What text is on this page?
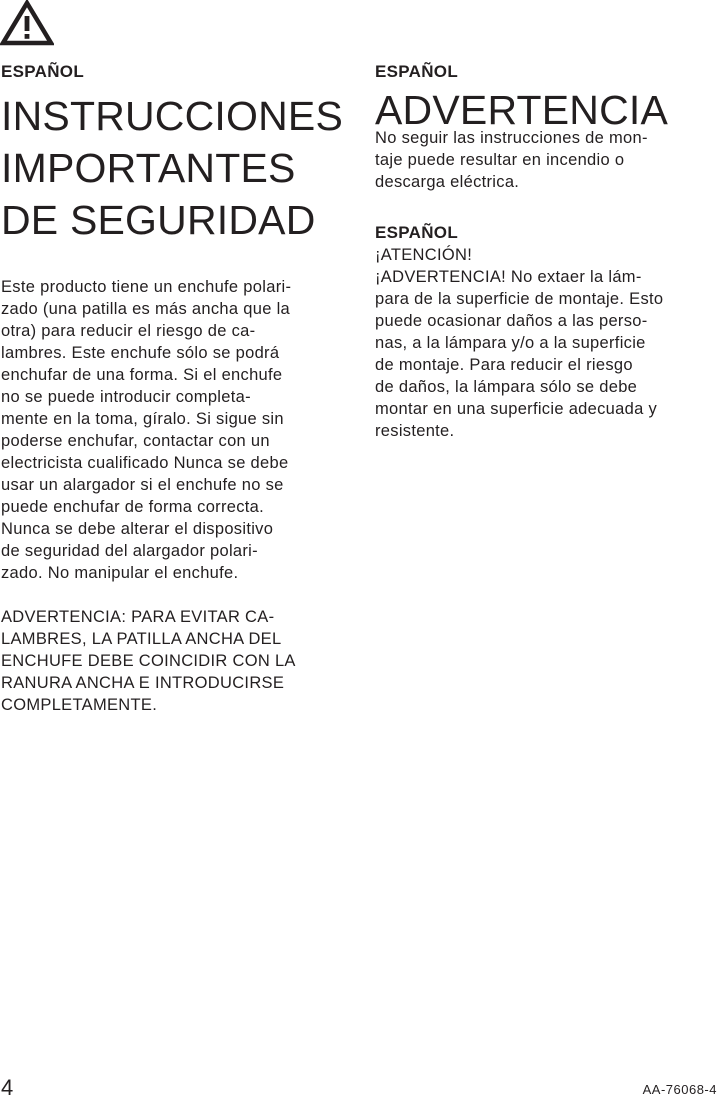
ESPAÑOL
INSTRUCCIONES
IMPORTANTES
DE SEGURIDAD
Este producto tiene un enchufe polari-
zado (una patilla es más ancha que la
otra) para reducir el riesgo de ca-
lambres. Este enchufe sólo se podrá
enchufar de una forma. Si el enchufe
no se puede introducir completa-
mente en la toma, gíralo. Si sigue sin
poderse enchufar, contactar con un
electricista cualificado Nunca se debe
usar un alargador si el enchufe no se
puede enchufar de forma correcta.
Nunca se debe alterar el dispositivo
de seguridad del alargador polari-
zado. No manipular el enchufe.
ADVERTENCIA: PARA EVITAR CA-
LAMBRES, LA PATILLA ANCHA DEL
ENCHUFE DEBE COINCIDIR CON LA
RANURA ANCHA E INTRODUCIRSE
COMPLETAMENTE.
ESPAÑOL
ADVERTENCIA
No seguir las instrucciones de mon-
taje puede resultar en incendio o
descarga eléctrica.
ESPAÑOL
¡ATENCIÓN!
¡ADVERTENCIA! No extaer la lám-
para de la superficie de montaje. Esto
puede ocasionar daños a las perso-
nas, a la lámpara y/o a la superficie
de montaje. Para reducir el riesgo
de daños, la lámpara sólo se debe
montar en una superficie adecuada y
resistente.
4	AA-76068-4
